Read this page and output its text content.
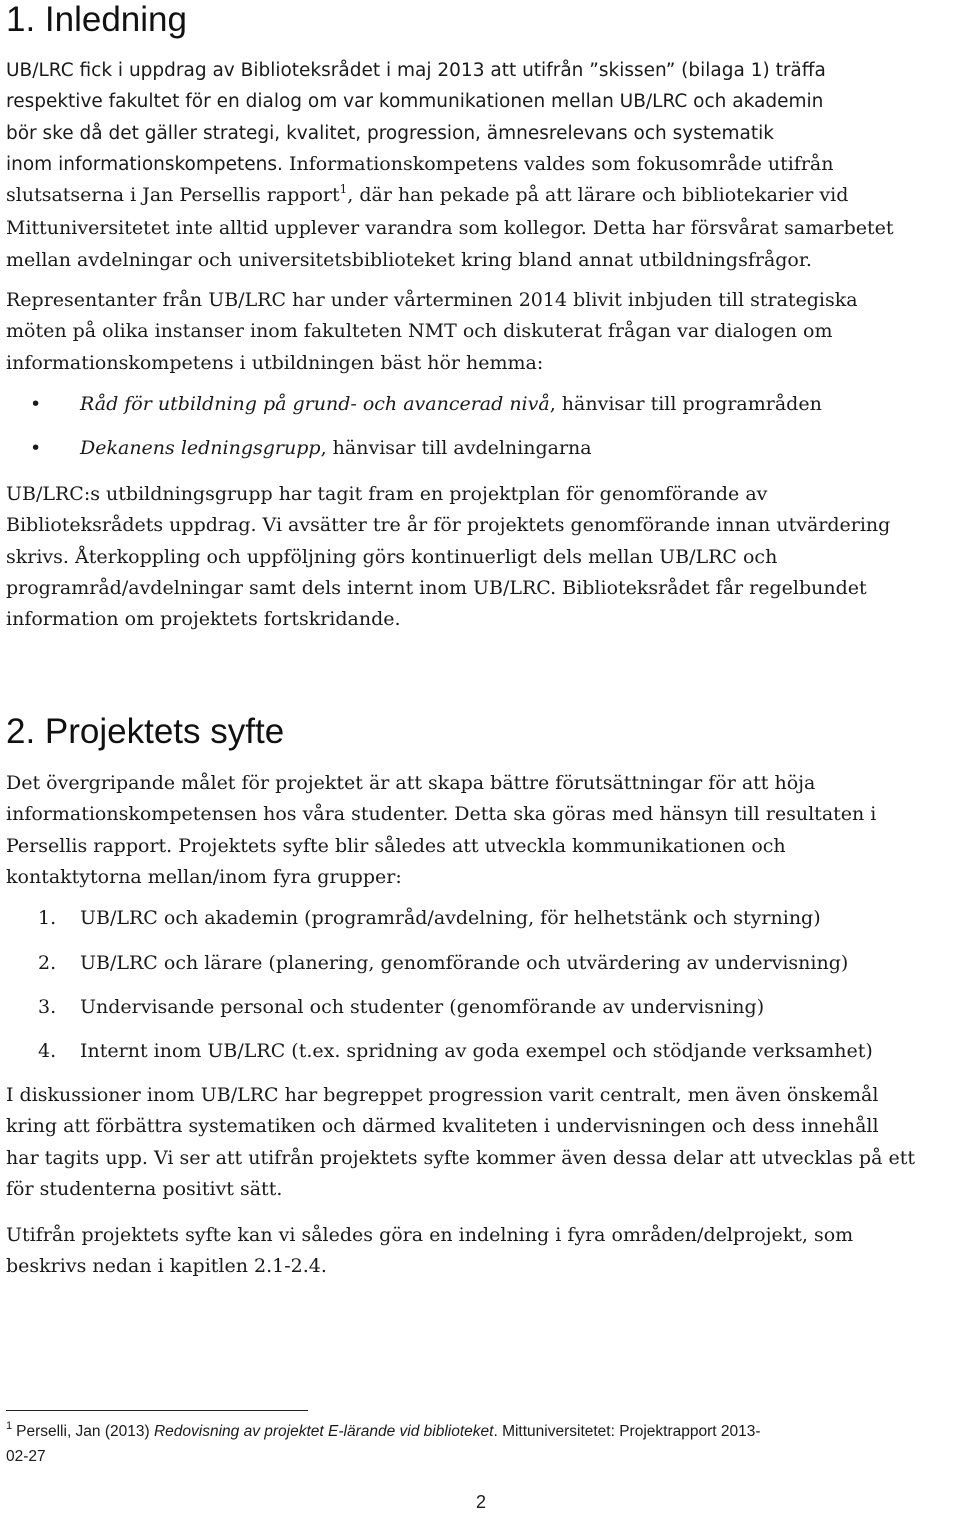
1. Inledning
UB/LRC fick i uppdrag av Biblioteksrådet i maj 2013 att utifrån ”skissen” (bilaga 1) träffa
respektive fakultet för en dialog om var kommunikationen mellan UB/LRC och akademin
bör ske då det gäller strategi, kvalitet, progression, ämnesrelevans och systematik
inom informationskompetens. Informationskompetens valdes som fokusområde utifrån
slutsatserna i Jan Persellis rapport$^1$, där han pekade på att lärare och bibliotekarier vid
Mittuniversitetet inte alltid upplever varandra som kollegor. Detta har försvårat samarbetet
mellan avdelningar och universitetsbiblioteket kring bland annat utbildningsfrågor.
Representanter från UB/LRC har under vårterminen 2014 blivit inbjuden till strategiska
möten på olika instanser inom fakulteten NMT och diskuterat frågan var dialogen om
informationskompetens i utbildningen bäst hör hemma:
• Råd för utbildning på grund- och avancerad nivå, hänvisar till programråden
• Dekanens ledningsgrupp, hänvisar till avdelningarna
UB/LRC:s utbildningsgrupp har tagit fram en projektplan för genomförande av
Biblioteksrådets uppdrag. Vi avsätter tre år för projektets genomförande innan utvärdering
skrivs. Återkoppling och uppföljning görs kontinuerligt dels mellan UB/LRC och
programråd/avdelningar samt dels internt inom UB/LRC. Biblioteksrådet får regelbundet
information om projektets fortskridande.
2. Projektets syfte
Det övergripande målet för projektet är att skapa bättre förutsättningar för att höja
informationskompetensen hos våra studenter. Detta ska göras med hänsyn till resultaten i
Persellis rapport. Projektets syfte blir således att utveckla kommunikationen och
kontaktytorna mellan/inom fyra grupper:
1. UB/LRC och akademin (programråd/avdelning, för helhetstänk och styrning)
2. UB/LRC och lärare (planering, genomförande och utvärdering av undervisning)
3. Undervisande personal och studenter (genomförande av undervisning)
4. Internt inom UB/LRC (t.ex. spridning av goda exempel och stödjande verksamhet)
I diskussioner inom UB/LRC har begreppet progression varit centralt, men även önskemål
kring att förbättra systematiken och därmed kvaliteten i undervisningen och dess innehåll
har tagits upp. Vi ser att utifrån projektets syfte kommer även dessa delar att utvecklas på ett
för studenterna positivt sätt.
Utifrån projektets syfte kan vi således göra en indelning i fyra områden/delprojekt, som
beskrivs nedan i kapitlen 2.1-2.4.
$^1$ Perselli, Jan (2013) Redovisning av projektet E-lärande vid biblioteket. Mittuniversitetet: Projektrapport 2013-
02-27
2
